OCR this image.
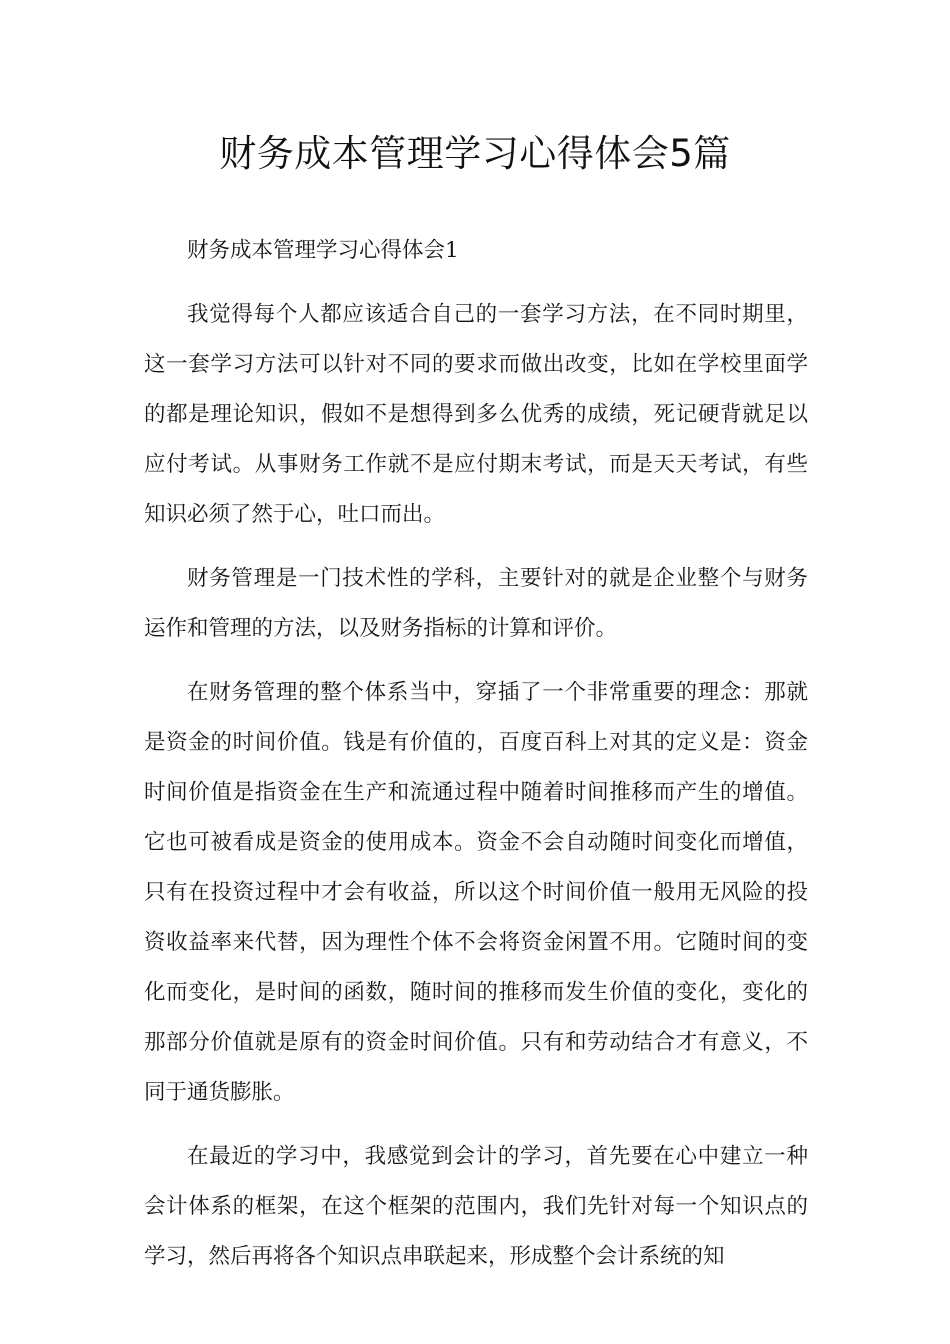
财务成本管理学习心得体会5篇

财务成本管理学习心得体会1

我觉得每个人都应该适合自己的一套学习方法，在不同时期里，这一套学习方法可以针对不同的要求而做出改变，比如在学校里面学的都是理论知识，假如不是想得到多么优秀的成绩，死记硬背就足以应付考试。从事财务工作就不是应付期末考试，而是天天考试，有些知识必须了然于心，吐口而出。

财务管理是一门技术性的学科，主要针对的就是企业整个与财务运作和管理的方法，以及财务指标的计算和评价。

在财务管理的整个体系当中，穿插了一个非常重要的理念：那就是资金的时间价值。钱是有价值的，百度百科上对其的定义是：资金时间价值是指资金在生产和流通过程中随着时间推移而产生的增值。它也可被看成是资金的使用成本。资金不会自动随时间变化而增值，只有在投资过程中才会有收益，所以这个时间价值一般用无风险的投资收益率来代替，因为理性个体不会将资金闲置不用。它随时间的变化而变化，是时间的函数，随时间的推移而发生价值的变化，变化的那部分价值就是原有的资金时间价值。只有和劳动结合才有意义，不同于通货膨胀。

在最近的学习中，我感觉到会计的学习，首先要在心中建立一种会计体系的框架，在这个框架的范围内，我们先针对每一个知识点的学习，然后再将各个知识点串联起来，形成整个会计系统的知
